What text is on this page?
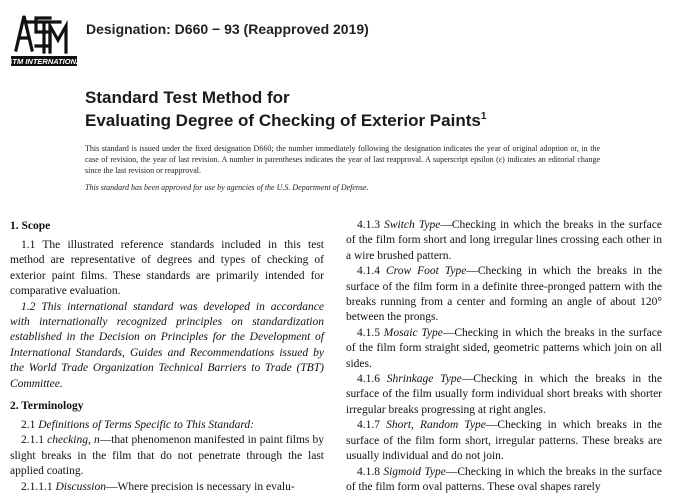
ASTM INTERNATIONAL
Designation: D660 − 93 (Reapproved 2019)
Standard Test Method for
Evaluating Degree of Checking of Exterior Paints$^1$

This standard is issued under the fixed designation D660; the number immediately following the designation indicates the year of original adoption or, in the case of revision, the year of last revision. A number in parentheses indicates the year of last reapproval. A superscript epsilon (ε) indicates an editorial change since the last revision or reapproval.

This standard has been approved for use by agencies of the U.S. Department of Defense.

1. Scope

1.1 The illustrated reference standards included in this test method are representative of degrees and types of checking of exterior paint films. These standards are primarily intended for comparative evaluation.

1.2 This international standard was developed in accordance with internationally recognized principles on standardization established in the Decision on Principles for the Development of International Standards, Guides and Recommendations issued by the World Trade Organization Technical Barriers to Trade (TBT) Committee.

2. Terminology

2.1 Definitions of Terms Specific to This Standard:

2.1.1 checking, n—that phenomenon manifested in paint films by slight breaks in the film that do not penetrate through the last applied coating.

2.1.1.1 Discussion—Where precision is necessary in evalu-

4.1.3 Switch Type—Checking in which the breaks in the surface of the film form short and long irregular lines crossing each other in a wire brushed pattern.

4.1.4 Crow Foot Type—Checking in which the breaks in the surface of the film form in a definite three-pronged pattern with the breaks running from a center and forming an angle of about 120° between the prongs.

4.1.5 Mosaic Type—Checking in which the breaks in the surface of the film form straight sided, geometric patterns which join on all sides.

4.1.6 Shrinkage Type—Checking in which the breaks in the surface of the film usually form individual short breaks with shorter irregular breaks progressing at right angles.

4.1.7 Short, Random Type—Checking in which breaks in the surface of the film form short, irregular patterns. These breaks are usually individual and do not join.

4.1.8 Sigmoid Type—Checking in which the breaks in the surface of the film form oval patterns. These oval shapes rarely
